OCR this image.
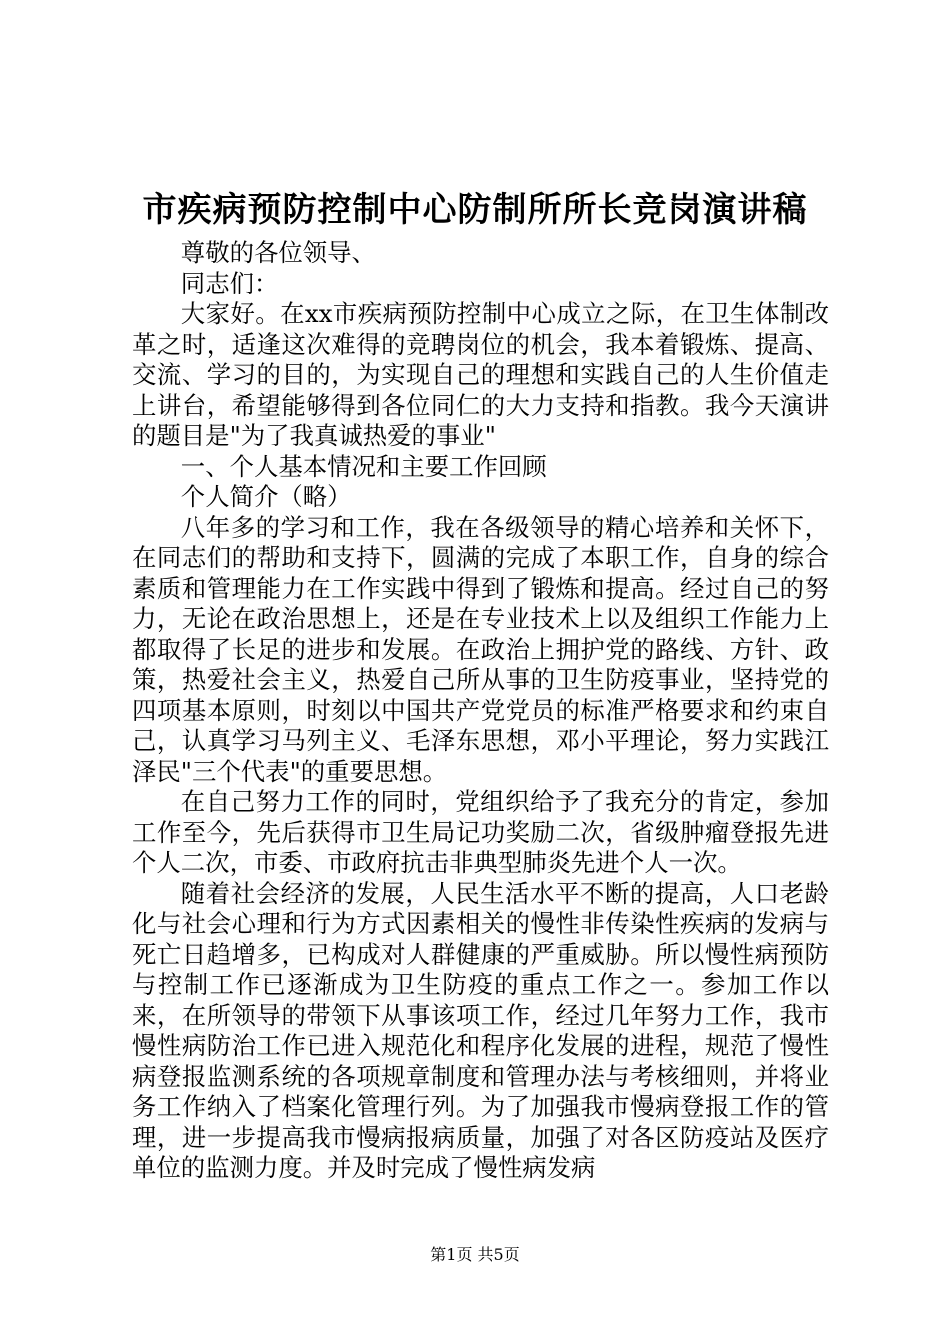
市疾病预防控制中心防制所所长竞岗演讲稿

尊敬的各位领导、

同志们：

大家好。在xx市疾病预防控制中心成立之际，在卫生体制改革之时，适逢这次难得的竞聘岗位的机会，我本着锻炼、提高、交流、学习的目的，为实现自己的理想和实践自己的人生价值走上讲台，希望能够得到各位同仁的大力支持和指教。我今天演讲的题目是"为了我真诚热爱的事业"

一、个人基本情况和主要工作回顾

个人简介（略）

八年多的学习和工作，我在各级领导的精心培养和关怀下，在同志们的帮助和支持下，圆满的完成了本职工作，自身的综合素质和管理能力在工作实践中得到了锻炼和提高。经过自己的努力，无论在政治思想上，还是在专业技术上以及组织工作能力上都取得了长足的进步和发展。在政治上拥护党的路线、方针、政策，热爱社会主义，热爱自己所从事的卫生防疫事业，坚持党的四项基本原则，时刻以中国共产党党员的标准严格要求和约束自己，认真学习马列主义、毛泽东思想，邓小平理论，努力实践江泽民"三个代表"的重要思想。

在自己努力工作的同时，党组织给予了我充分的肯定，参加工作至今，先后获得市卫生局记功奖励二次，省级肿瘤登报先进个人二次，市委、市政府抗击非典型肺炎先进个人一次。

随着社会经济的发展，人民生活水平不断的提高，人口老龄化与社会心理和行为方式因素相关的慢性非传染性疾病的发病与死亡日趋增多，已构成对人群健康的严重威胁。所以慢性病预防与控制工作已逐渐成为卫生防疫的重点工作之一。参加工作以来，在所领导的带领下从事该项工作，经过几年努力工作，我市慢性病防治工作已进入规范化和程序化发展的进程，规范了慢性病登报监测系统的各项规章制度和管理办法与考核细则，并将业务工作纳入了档案化管理行列。为了加强我市慢病登报工作的管理，进一步提高我市慢病报病质量，加强了对各区防疫站及医疗单位的监测力度。并及时完成了慢性病发病

第1页 共5页
